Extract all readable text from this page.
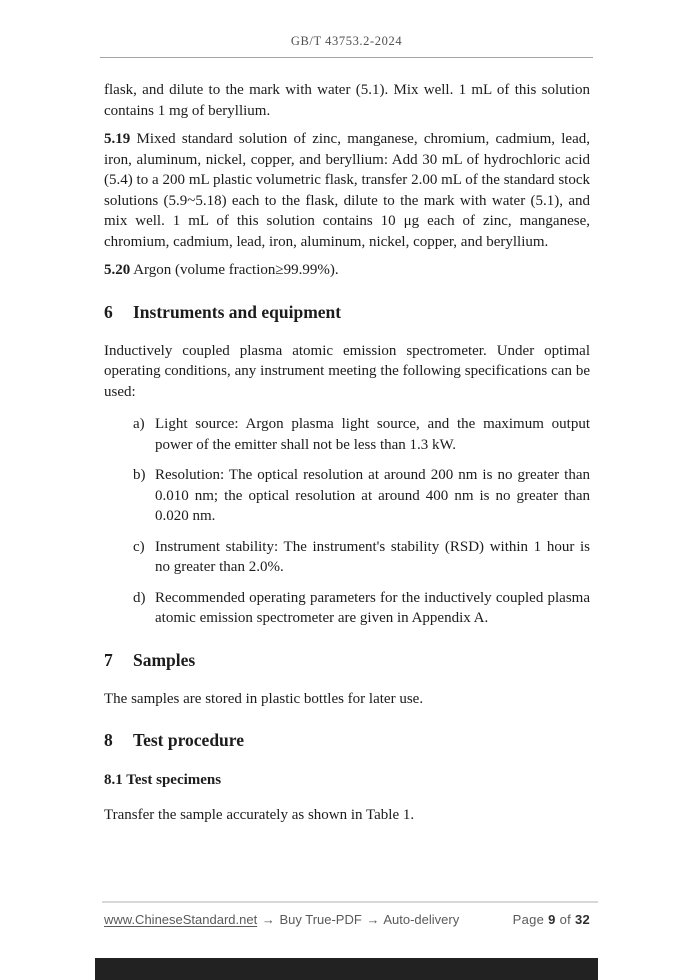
GB/T 43753.2-2024

flask, and dilute to the mark with water (5.1). Mix well. 1 mL of this solution contains 1 mg of beryllium.

5.19 Mixed standard solution of zinc, manganese, chromium, cadmium, lead, iron, aluminum, nickel, copper, and beryllium: Add 30 mL of hydrochloric acid (5.4) to a 200 mL plastic volumetric flask, transfer 2.00 mL of the standard stock solutions (5.9~5.18) each to the flask, dilute to the mark with water (5.1), and mix well. 1 mL of this solution contains 10 μg each of zinc, manganese, chromium, cadmium, lead, iron, aluminum, nickel, copper, and beryllium.

5.20 Argon (volume fraction≥99.99%).

6	Instruments and equipment

Inductively coupled plasma atomic emission spectrometer. Under optimal operating conditions, any instrument meeting the following specifications can be used:

a) Light source: Argon plasma light source, and the maximum output power of the emitter shall not be less than 1.3 kW.
b) Resolution: The optical resolution at around 200 nm is no greater than 0.010 nm; the optical resolution at around 400 nm is no greater than 0.020 nm.
c) Instrument stability: The instrument's stability (RSD) within 1 hour is no greater than 2.0%.
d) Recommended operating parameters for the inductively coupled plasma atomic emission spectrometer are given in Appendix A.
7	Samples

The samples are stored in plastic bottles for later use.

8	Test procedure
8.1 Test specimens

Transfer the sample accurately as shown in Table 1.

www.ChineseStandard.net → Buy True-PDF → Auto-delivery	Page 9 of 32
